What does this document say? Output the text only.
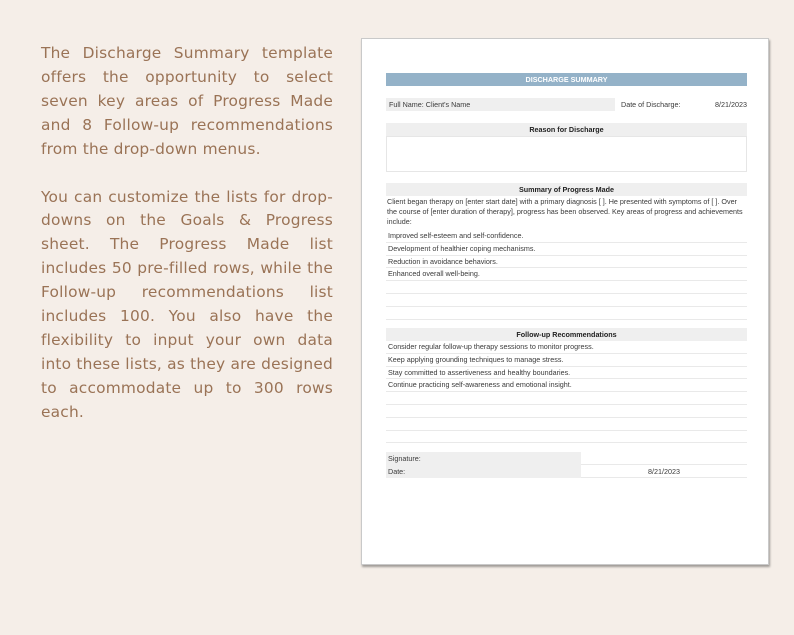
The Discharge Summary template offers the opportunity to select seven key areas of Progress Made and 8 Follow-up recommendations from the drop-down menus.

You can customize the lists for drop-downs on the Goals & Progress sheet. The Progress Made list includes 50 pre-filled rows, while the Follow-up recommendations list includes 100. You also have the flexibility to input your own data into these lists, as they are designed to accommodate up to 300 rows each.

DISCHARGE SUMMARY
Full Name: Client's Name	Date of Discharge:	8/21/2023
Reason for Discharge
Summary of Progress Made
Client began therapy on [enter start date] with a primary diagnosis [ ]. He presented with symptoms of [ ]. Over the course of [enter duration of therapy], progress has been observed. Key areas of progress and achievements include:
Improved self-esteem and self-confidence.
Development of healthier coping mechanisms.
Reduction in avoidance behaviors.
Enhanced overall well-being.
Follow-up Recommendations
Consider regular follow-up therapy sessions to monitor progress.
Keep applying grounding techniques to manage stress.
Stay committed to assertiveness and healthy boundaries.
Continue practicing self-awareness and emotional insight.
Signature:
Date:	8/21/2023
